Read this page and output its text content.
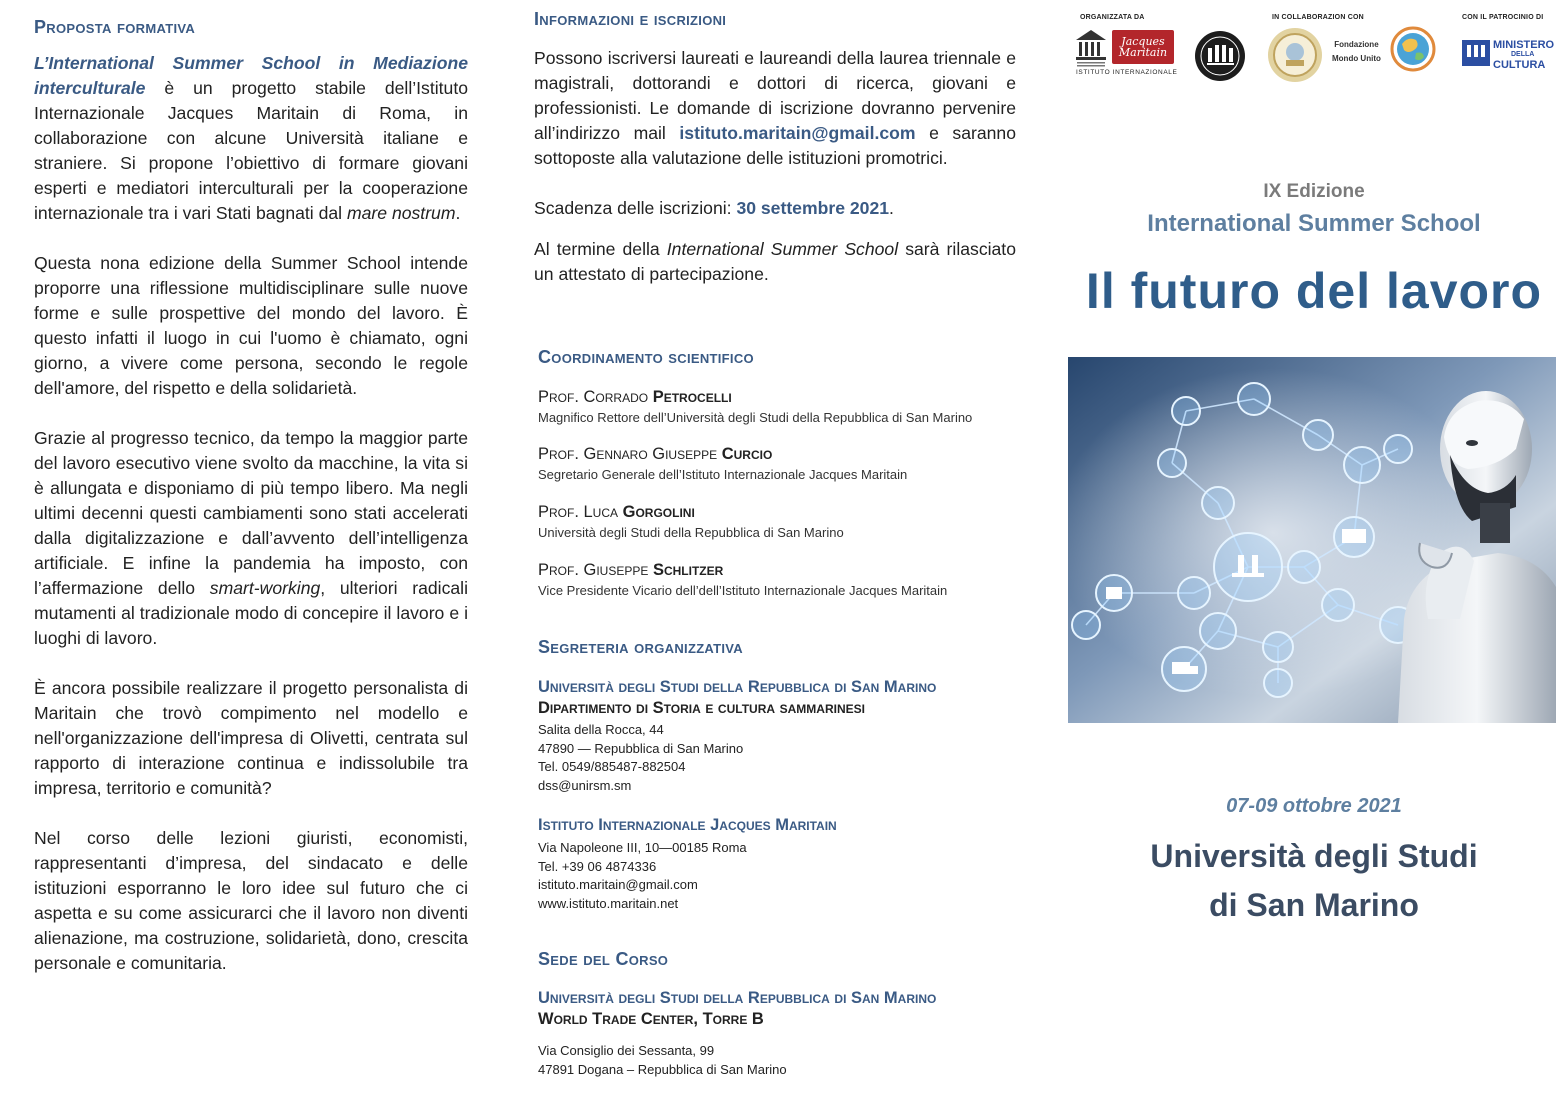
Proposta formativa

L’International Summer School in Mediazione interculturale è un progetto stabile dell’Istituto Internazionale Jacques Maritain di Roma, in collaborazione con alcune Università italiane e straniere. Si propone l’obiettivo di formare giovani esperti e mediatori interculturali per la cooperazione internazionale tra i vari Stati bagnati dal mare nostrum.

Questa nona edizione della Summer School intende proporre una riflessione multidisciplinare sulle nuove forme e sulle prospettive del mondo del lavoro. È questo infatti il luogo in cui l'uomo è chiamato, ogni giorno, a vivere come persona, secondo le regole dell'amore, del rispetto e della solidarietà.

Grazie al progresso tecnico, da tempo la maggior parte del lavoro esecutivo viene svolto da macchine, la vita si è allungata e disponiamo di più tempo libero. Ma negli ultimi decenni questi cambiamenti sono stati accelerati dalla digitalizzazione e dall’avvento dell’intelligenza artificiale. E infine la pandemia ha imposto, con l’affermazione dello smart-working, ulteriori radicali mutamenti al tradizionale modo di concepire il lavoro e i luoghi di lavoro.

È ancora possibile realizzare il progetto personalista di Maritain che trovò compimento nel modello e nell'organizzazione dell'impresa di Olivetti, centrata sul rapporto di interazione continua e indissolubile tra impresa, territorio e comunità?

Nel corso delle lezioni giuristi, economisti, rappresentanti d’impresa, del sindacato e delle istituzioni esporranno le loro idee sul futuro che ci aspetta e su come assicurarci che il lavoro non diventi alienazione, ma costruzione, solidarietà, dono, crescita personale e comunitaria.

Informazioni e iscrizioni

Possono iscriversi laureati e laureandi della laurea triennale e magistrali, dottorandi e dottori di ricerca, giovani e professionisti. Le domande di iscrizione dovranno pervenire all’indirizzo mail istituto.maritain@gmail.com e saranno sottoposte alla valutazione delle istituzioni promotrici.

Scadenza delle iscrizioni: 30 settembre 2021.

Al termine della International Summer School sarà rilasciato un attestato di partecipazione.

Coordinamento scientifico
Prof. Corrado Petrocelli
Magnifico Rettore dell’Università degli Studi della Repubblica di San Marino
Prof. Gennaro Giuseppe Curcio
Segretario Generale dell’Istituto Internazionale Jacques Maritain
Prof. Luca Gorgolini
Università degli Studi della Repubblica di San Marino
Prof. Giuseppe Schlitzer
Vice Presidente Vicario dell’dell’Istituto Internazionale Jacques Maritain
Segreteria organizzativa
Università degli Studi della Repubblica di San Marino
Dipartimento di Storia e cultura sammarinesi
Salita della Rocca, 44
47890 — Repubblica di San Marino
Tel. 0549/885487-882504
dss@unirsm.sm
Istituto Internazionale Jacques Maritain
Via Napoleone III, 10—00185 Roma
Tel. +39 06 4874336
istituto.maritain@gmail.com
www.istituto.maritain.net
Sede del Corso
Università degli Studi della Repubblica di San Marino
World Trade Center, Torre B
Via Consiglio dei Sessanta, 99
47891 Dogana – Repubblica di San Marino
ORGANIZZATA DA	IN COLLABORAZION CON	CON IL PATROCINIO DI
Jacques Maritain
ISTITUTO INTERNAZIONALE
Fondazione
Mondo Unito
MINISTERO
DELLA
CULTURA
IX Edizione
International Summer School
Il futuro del lavoro
07-09 ottobre 2021
Università degli Studi
di San Marino
